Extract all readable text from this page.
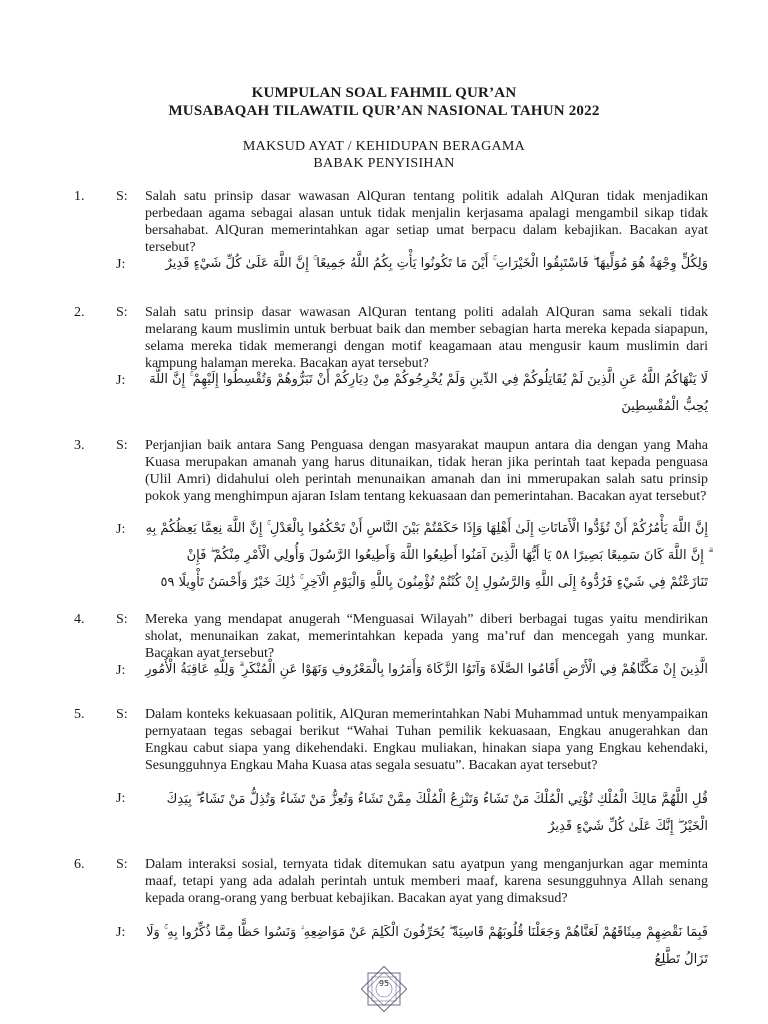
KUMPULAN SOAL FAHMIL QUR’AN
MUSABAQAH TILAWATIL QUR’AN NASIONAL TAHUN 2022
MAKSUD AYAT / KEHIDUPAN BERAGAMA
BABAK PENYISIHAN
1. S: Salah satu prinsip dasar wawasan AlQuran tentang politik adalah AlQuran tidak menjadikan perbedaan agama sebagai alasan untuk tidak menjalin kerjasama apalagi mengambil sikap tidak bersahabat. AlQuran memerintahkan agar setiap umat berpacu dalam kebajikan. Bacakan ayat tersebut?
J:	وَلِكُلٍّ وِجْهَةٌ هُوَ مُوَلِّيهَا ۖ فَاسْتَبِقُوا الْخَيْرَاتِ ۚ أَيْنَ مَا تَكُونُوا يَأْتِ بِكُمُ اللَّهُ جَمِيعًا ۚ إِنَّ اللَّهَ عَلَىٰ كُلِّ شَيْءٍ قَدِيرٌ
2. S: Salah satu prinsip dasar wawasan AlQuran tentang politi adalah AlQuran sama sekali tidak melarang kaum muslimin untuk berbuat baik dan member sebagian harta mereka kepada siapapun, selama mereka tidak memerangi dengan motif keagamaan atau mengusir kaum muslimin dari kampung halaman mereka. Bacakan ayat tersebut?
J:	لَا يَنْهَاكُمُ اللَّهُ عَنِ الَّذِينَ لَمْ يُقَاتِلُوكُمْ فِي الدِّينِ وَلَمْ يُخْرِجُوكُمْ مِنْ دِيَارِكُمْ أَنْ تَبَرُّوهُمْ وَتُقْسِطُوا إِلَيْهِمْ ۚ إِنَّ اللَّهَ يُحِبُّ الْمُقْسِطِينَ
3. S: Perjanjian baik antara Sang Penguasa dengan masyarakat maupun antara dia dengan yang Maha Kuasa merupakan amanah yang harus ditunaikan, tidak heran jika perintah taat kepada penguasa (Ulil Amri) didahului oleh perintah menunaikan amanah dan ini mmerupakan salah satu prinsip pokok yang menghimpun ajaran Islam tentang kekuasaan dan pemerintahan. Bacakan ayat tersebut?
J: إِنَّ اللَّهَ يَأْمُرُكُمْ أَنْ تُؤَدُّوا الْأَمَانَاتِ إِلَىٰ أَهْلِهَا وَإِذَا حَكَمْتُمْ بَيْنَ النَّاسِ أَنْ تَحْكُمُوا بِالْعَدْلِ ۚ إِنَّ اللَّهَ نِعِمَّا يَعِظُكُمْ بِهِ ۗ إِنَّ اللَّهَ كَانَ سَمِيعًا بَصِيرًا ٥٨ يَا أَيُّهَا الَّذِينَ آمَنُوا أَطِيعُوا اللَّهَ وَأَطِيعُوا الرَّسُولَ وَأُولِي الْأَمْرِ مِنْكُمْ ۖ فَإِنْ تَنَازَعْتُمْ فِي شَيْءٍ فَرُدُّوهُ إِلَى اللَّهِ وَالرَّسُولِ إِنْ كُنْتُمْ تُؤْمِنُونَ بِاللَّهِ وَالْيَوْمِ الْآخِرِ ۚ ذَٰلِكَ خَيْرٌ وَأَحْسَنُ تَأْوِيلًا ٥٩
4. S: Mereka yang mendapat anugerah “Menguasai Wilayah” diberi berbagai tugas yaitu mendirikan sholat, menunaikan zakat, memerintahkan kepada yang ma’ruf dan mencegah yang munkar. Bacakan ayat tersebut?
J: الَّذِينَ إِنْ مَكَّنَّاهُمْ فِي الْأَرْضِ أَقَامُوا الصَّلَاةَ وَآتَوُا الزَّكَاةَ وَأَمَرُوا بِالْمَعْرُوفِ وَنَهَوْا عَنِ الْمُنْكَرِ ۗ وَلِلَّهِ عَاقِبَةُ الْأُمُورِ
5. S: Dalam konteks kekuasaan politik, AlQuran memerintahkan Nabi Muhammad untuk menyampaikan pernyataan tegas sebagai berikut “Wahai Tuhan pemilik kekuasaan, Engkau anugerahkan dan Engkau cabut siapa yang dikehendaki. Engkau muliakan, hinakan siapa yang Engkau kehendaki, Sesungguhnya Engkau Maha Kuasa atas segala sesuatu”. Bacakan ayat tersebut?
J:	قُلِ اللَّهُمَّ مَالِكَ الْمُلْكِ تُؤْتِي الْمُلْكَ مَنْ تَشَاءُ وَتَنْزِعُ الْمُلْكَ مِمَّنْ تَشَاءُ وَتُعِزُّ مَنْ تَشَاءُ وَتُذِلُّ مَنْ تَشَاءُ ۖ بِيَدِكَ الْخَيْرُ ۖ إِنَّكَ عَلَىٰ كُلِّ شَيْءٍ قَدِيرٌ
6. S: Dalam interaksi sosial, ternyata tidak ditemukan satu ayatpun yang menganjurkan agar meminta maaf, tetapi yang ada adalah perintah untuk memberi maaf, karena sesungguhnya Allah senang kepada orang-orang yang berbuat kebajikan. Bacakan ayat yang dimaksud?
J: فَبِمَا نَقْضِهِمْ مِيثَاقَهُمْ لَعَنَّاهُمْ وَجَعَلْنَا قُلُوبَهُمْ قَاسِيَةً ۖ يُحَرِّفُونَ الْكَلِمَ عَنْ مَوَاضِعِهِ ۙ وَنَسُوا حَظًّا مِمَّا ذُكِّرُوا بِهِ ۚ وَلَا تَزَالُ تَطَّلِعُ
95
